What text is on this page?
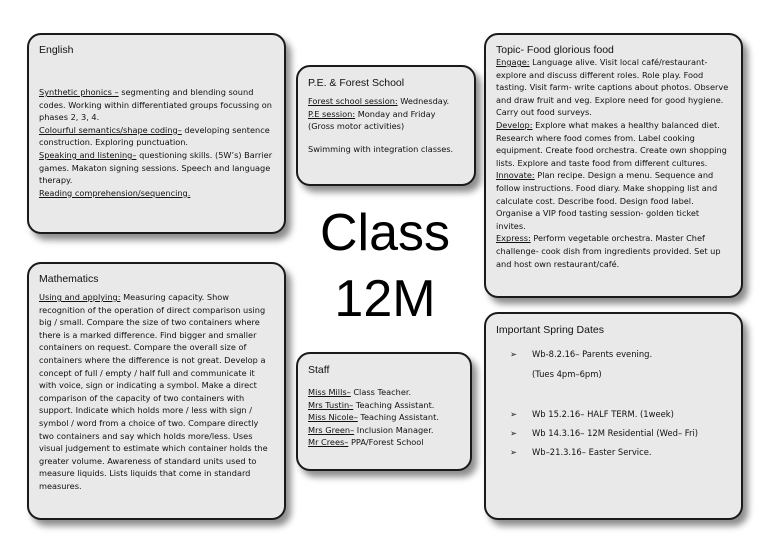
English

Synthetic phonics – segmenting and blending sound codes. Working within differentiated groups focussing on phases 2, 3, 4.

Colourful semantics/shape coding– developing sentence construction. Exploring punctuation.

Speaking and listening– questioning skills. (5W’s) Barrier games. Makaton signing sessions. Speech and language therapy.

Reading comprehension/sequencing.

P.E. & Forest School

Forest school session: Wednesday.

P.E session: Monday and Friday (Gross motor activities)

Swimming with integration classes.

Topic- Food glorious food

Engage: Language alive. Visit local café/restaurant- explore and discuss different roles. Role play. Food tasting. Visit farm- write captions about photos. Observe and draw fruit and veg. Explore need for good hygiene. Carry out food surveys.

Develop: Explore what makes a healthy balanced diet. Research where food comes from. Label cooking equipment. Create food orchestra. Create own shopping lists. Explore and taste food from different cultures.

Innovate: Plan recipe. Design a menu. Sequence and follow instructions. Food diary. Make shopping list and calculate cost. Describe food. Design food label. Organise a VIP food tasting session- golden ticket invites.

Express: Perform vegetable orchestra. Master Chef challenge- cook dish from ingredients provided. Set up and host own restaurant/café.

Class
12M
Mathematics

Using and applying: Measuring capacity. Show recognition of the operation of direct comparison using big / small. Compare the size of two containers where there is a marked difference. Find bigger and smaller containers on request. Compare the overall size of containers where the difference is not great. Develop a concept of full / empty / half full and communicate it with voice, sign or indicating a symbol. Make a direct comparison of the capacity of two containers with support. Indicate which holds more / less with sign / symbol / word from a choice of two. Compare directly two containers and say which holds more/less. Uses visual judgement to estimate which container holds the greater volume. Awareness of standard units used to measure liquids. Lists liquids that come in standard measures.

Staff

Miss Mills– Class Teacher.

Mrs Tustin– Teaching Assistant.

Miss Nicole– Teaching Assistant.

Mrs Green– Inclusion Manager.

Mr Crees– PPA/Forest School

Important Spring Dates
➢	Wb-8.2.16– Parents evening.
(Tues 4pm–6pm)
➢	Wb 15.2.16– HALF TERM. (1week)
➢	Wb 14.3.16– 12M Residential (Wed– Fri)
➢	Wb–21.3.16– Easter Service.
